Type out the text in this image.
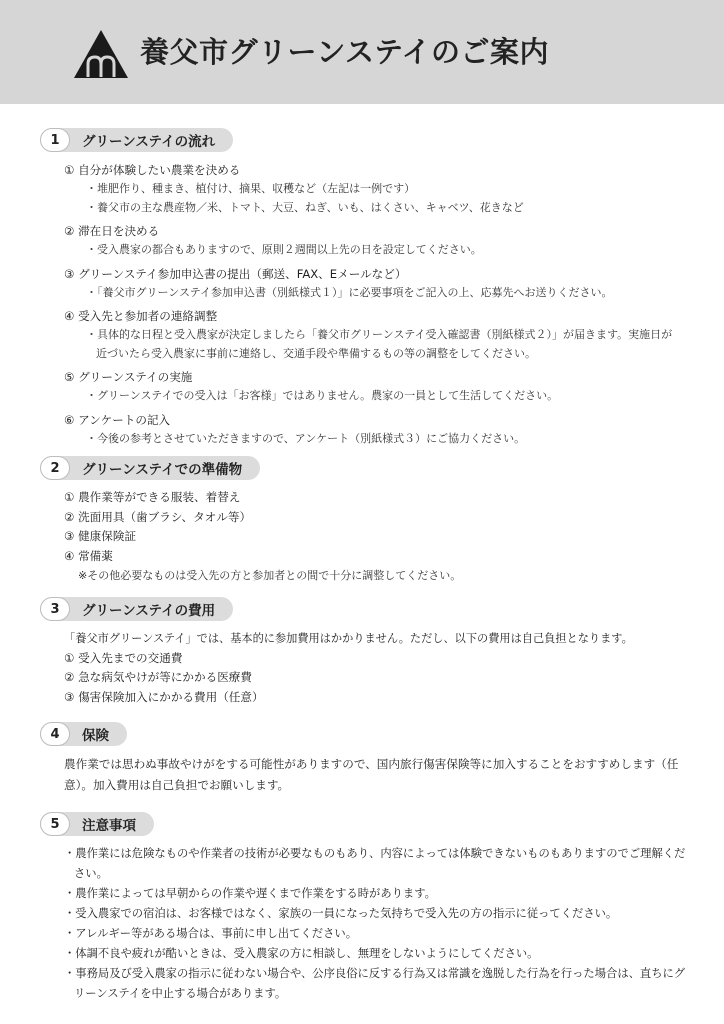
養父市グリーンステイのご案内
グリーンステイの流れ
1
① 自分が体験したい農業を決める
・堆肥作り、種まき、植付け、摘果、収穫など（左記は一例です）
・養父市の主な農産物／米、トマト、大豆、ねぎ、いも、はくさい、キャベツ、花きなど
② 滞在日を決める
・受入農家の都合もありますので、原則２週間以上先の日を設定してください。
③ グリーンステイ参加申込書の提出（郵送、FAX、Eメールなど）
・「養父市グリーンステイ参加申込書（別紙様式１）」に必要事項をご記入の上、応募先へお送りください。
④ 受入先と参加者の連絡調整
・具体的な日程と受入農家が決定しましたら「養父市グリーンステイ受入確認書（別紙様式２）」が届きます。実施日が近づいたら受入農家に事前に連絡し、交通手段や準備するもの等の調整をしてください。
⑤ グリーンステイの実施
・グリーンステイでの受入は「お客様」ではありません。農家の一員として生活してください。
⑥ アンケートの記入
・今後の参考とさせていただきますので、アンケート（別紙様式３）にご協力ください。
グリーンステイでの準備物
2
① 農作業等ができる服装、着替え
② 洗面用具（歯ブラシ、タオル等）
③ 健康保険証
④ 常備薬
※その他必要なものは受入先の方と参加者との間で十分に調整してください。
グリーンステイの費用
3
「養父市グリーンステイ」では、基本的に参加費用はかかりません。ただし、以下の費用は自己負担となります。
① 受入先までの交通費
② 急な病気やけが等にかかる医療費
③ 傷害保険加入にかかる費用（任意）
保険
4
農作業では思わぬ事故やけがをする可能性がありますので、国内旅行傷害保険等に加入することをおすすめします（任意）。加入費用は自己負担でお願いします。
注意事項
5
・農作業には危険なものや作業者の技術が必要なものもあり、内容によっては体験できないものもありますのでご理解ください。
・農作業によっては早朝からの作業や遅くまで作業をする時があります。
・受入農家での宿泊は、お客様ではなく、家族の一員になった気持ちで受入先の方の指示に従ってください。
・アレルギー等がある場合は、事前に申し出てください。
・体調不良や疲れが酷いときは、受入農家の方に相談し、無理をしないようにしてください。
・事務局及び受入農家の指示に従わない場合や、公序良俗に反する行為又は常識を逸脱した行為を行った場合は、直ちにグリーンステイを中止する場合があります。
